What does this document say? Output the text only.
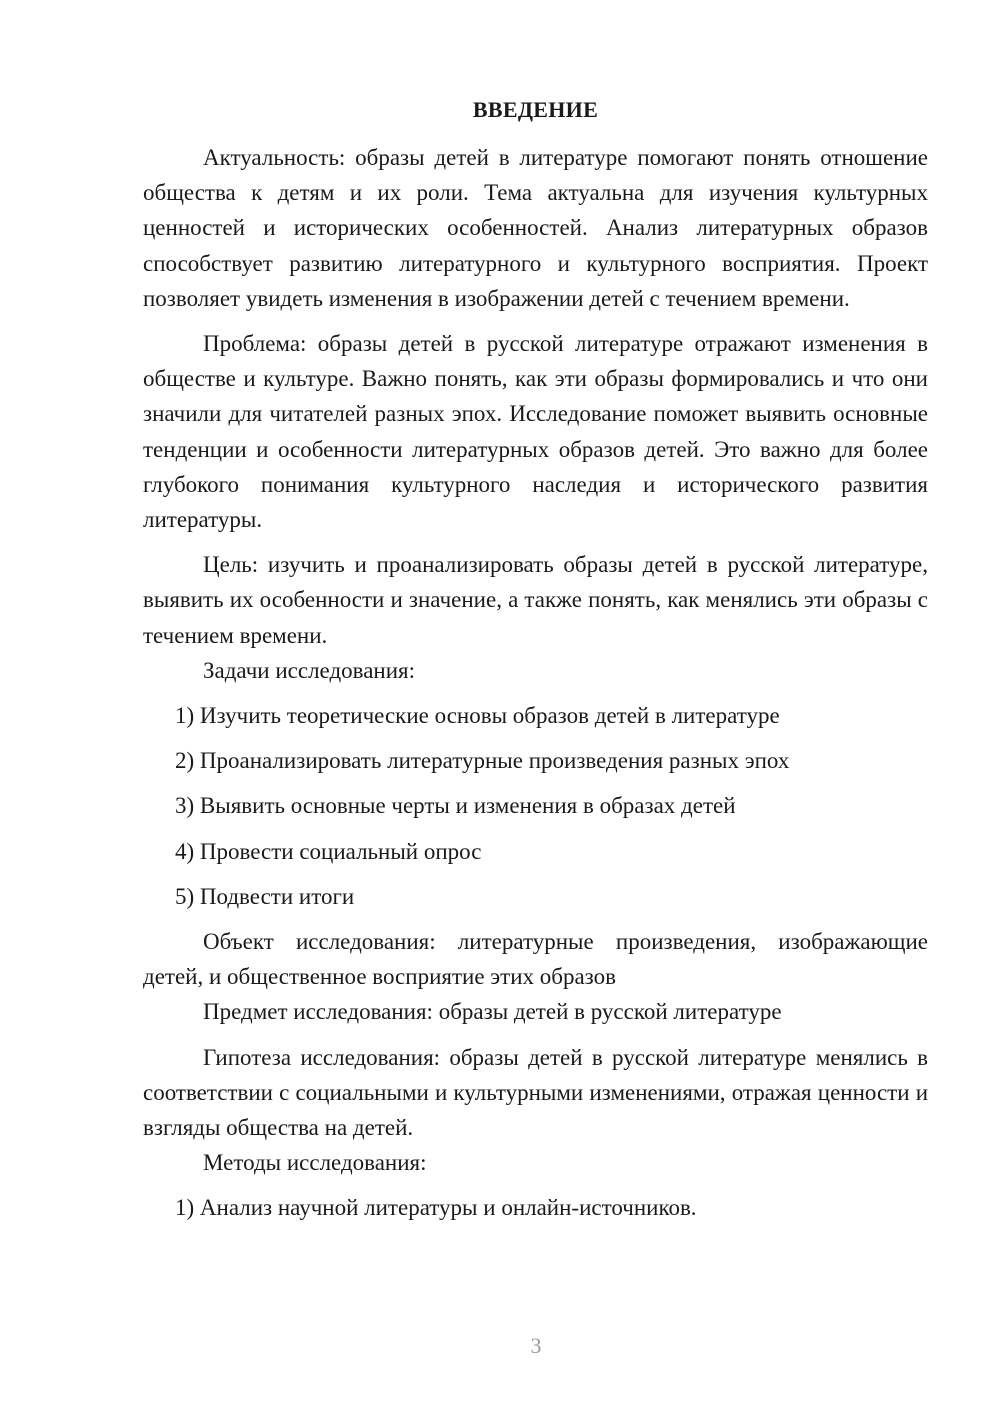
ВВЕДЕНИЕ

Актуальность: образы детей в литературе помогают понять отношение общества к детям и их роли. Тема актуальна для изучения культурных ценностей и исторических особенностей. Анализ литературных образов способствует развитию литературного и культурного восприятия. Проект позволяет увидеть изменения в изображении детей с течением времени.

Проблема: образы детей в русской литературе отражают изменения в обществе и культуре. Важно понять, как эти образы формировались и что они значили для читателей разных эпох. Исследование поможет выявить основные тенденции и особенности литературных образов детей. Это важно для более глубокого понимания культурного наследия и исторического развития литературы.

Цель: изучить и проанализировать образы детей в русской литературе, выявить их особенности и значение, а также понять, как менялись эти образы с течением времени.

Задачи исследования:

1) Изучить теоретические основы образов детей в литературе

2) Проанализировать литературные произведения разных эпох

3) Выявить основные черты и изменения в образах детей

4) Провести социальный опрос

5) Подвести итоги

Объект исследования: литературные произведения, изображающие детей, и общественное восприятие этих образов

Предмет исследования: образы детей в русской литературе

Гипотеза исследования: образы детей в русской литературе менялись в соответствии с социальными и культурными изменениями, отражая ценности и взгляды общества на детей.

Методы исследования:

1) Анализ научной литературы и онлайн-источников.

3
